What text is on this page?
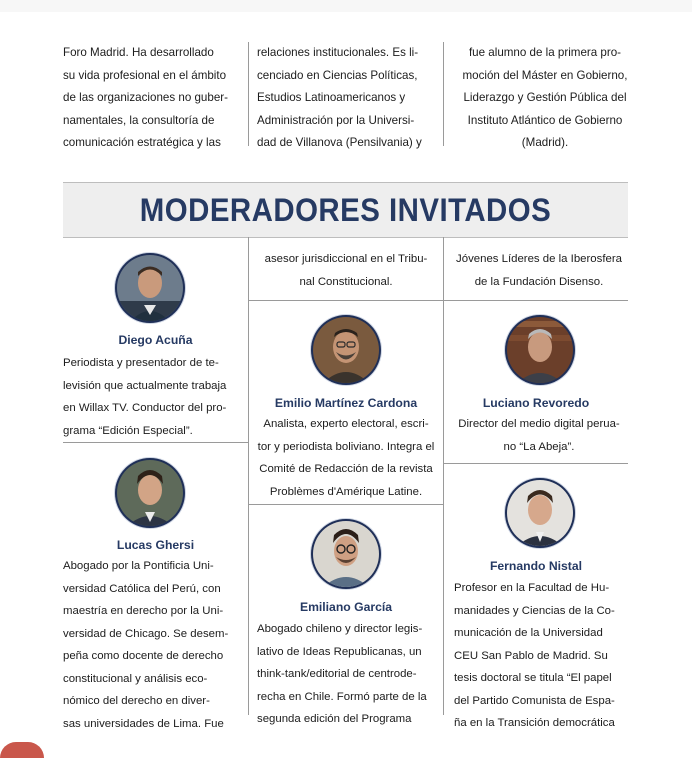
Foro Madrid. Ha desarrollado
su vida profesional en el ámbito
de las organizaciones no guber-
namentales, la consultoría de
comunicación estratégica y las

relaciones institucionales. Es li-
cenciado en Ciencias Políticas,
Estudios Latinoamericanos y
Administración por la Universi-
dad de Villanova (Pensilvania) y

fue alumno de la primera pro-
moción del Máster en Gobierno,
Liderazgo y Gestión Pública del
Instituto Atlántico de Gobierno
(Madrid).

MODERADORES INVITADOS

asesor jurisdiccional en el Tribu-
nal Constitucional.

Jóvenes Líderes de la Iberosfera
de la Fundación Disenso.

Diego Acuña

Periodista y presentador de te-
levisión que actualmente trabaja
en Willax TV. Conductor del pro-
grama “Edición Especial”.

Emilio Martínez Cardona

Analista, experto electoral, escri-
tor y periodista boliviano. Integra el
Comité de Redacción de la revista
Problèmes d'Amérique Latine.

Luciano Revoredo

Director del medio digital perua-
no “La Abeja”.

Lucas Ghersi

Abogado por la Pontificia Uni-
versidad Católica del Perú, con
maestría en derecho por la Uni-
versidad de Chicago. Se desem-
peña como docente de derecho
constitucional y análisis eco-
nómico del derecho en diver-
sas universidades de Lima. Fue

Emiliano García

Abogado chileno y director legis-
lativo de Ideas Republicanas, un
think-tank/editorial de centrode-
recha en Chile. Formó parte de la
segunda edición del Programa

Fernando Nistal

Profesor en la Facultad de Hu-
manidades y Ciencias de la Co-
municación de la Universidad
CEU San Pablo de Madrid. Su
tesis doctoral se titula “El papel
del Partido Comunista de Espa-
ña en la Transición democrática
